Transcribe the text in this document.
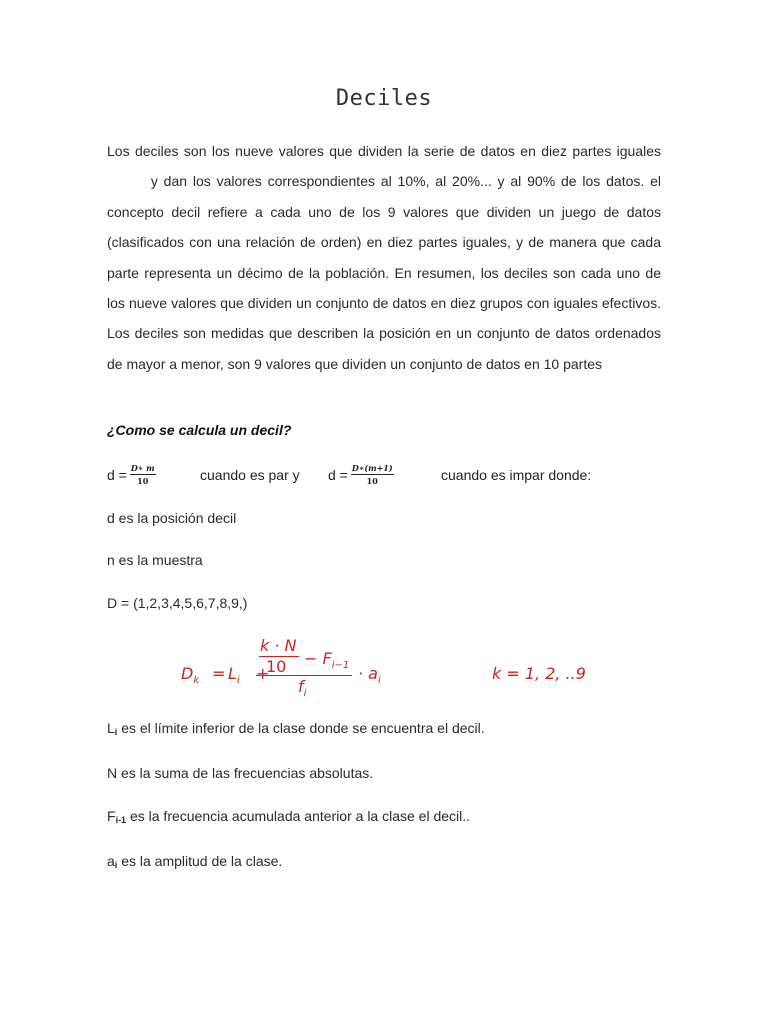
Deciles
Los deciles son los nueve valores que dividen la serie de datos en diez partes iguales y dan los valores correspondientes al 10%, al 20%... y al 90% de los datos. el concepto decil refiere a cada uno de los 9 valores que dividen un juego de datos (clasificados con una relación de orden) en diez partes iguales, y de manera que cada parte representa un décimo de la población. En resumen, los deciles son cada uno de los nueve valores que dividen un conjunto de datos en diez grupos con iguales efectivos. Los deciles son medidas que describen la posición en un conjunto de datos ordenados de mayor a menor, son 9 valores que dividen un conjunto de datos en 10 partes
¿Como se calcula un decil?
$d = \frac{D∗ m}{10}$	cuando es par y $d = \frac{D∗(m+1)}{10}$	cuando es impar donde:
d es la posición decil
n es la muestra
D = (1,2,3,4,5,6,7,8,9,)
$D_k = L_i$ +
k · N
$10 - F_{i-1}$
$f_i$
· $a_i$	k = 1, 2, ..9
$L_i$ es el límite inferior de la clase donde se encuentra el decil.
N es la suma de las frecuencias absolutas.
$F_{i-1}$ es la frecuencia acumulada anterior a la clase el decil..
$a_i$ es la amplitud de la clase.
